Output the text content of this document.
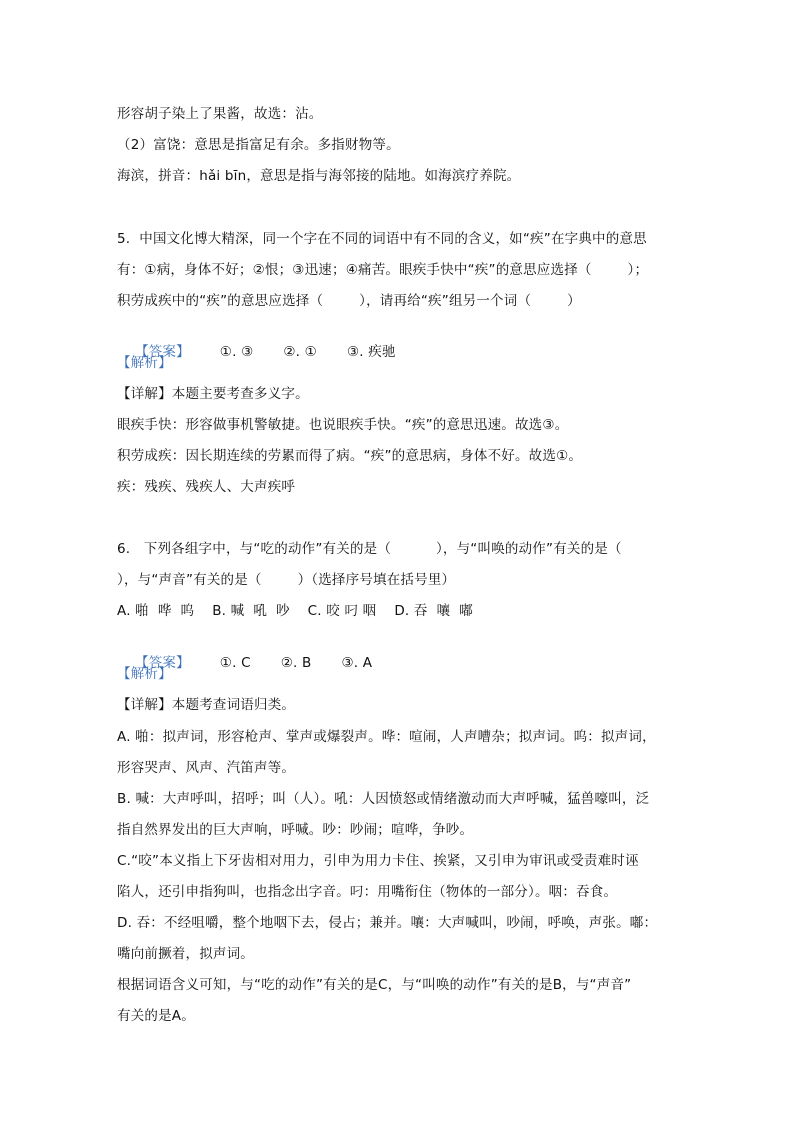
形容胡子染上了果酱，故选：沾。
（2）富饶：意思是指富足有余。多指财物等。
海滨，拼音：hǎi bīn，意思是指与海邻接的陆地。如海滨疗养院。
5.  中国文化博大精深，同一个字在不同的词语中有不同的含义，如“疾”在字典中的意思
有：①病，身体不好；②恨；③迅速；④痛苦。眼疾手快中“疾”的意思应选择（        ）；
积劳成疾中的“疾”的意思应选择（        ），请再给“疾”组另一个词（        ）

【答案】 ①. ③ ②. ① ③. 疾驰

【解析】
【详解】本题主要考查多义字。
眼疾手快：形容做事机警敏捷。也说眼疾手快。“疾”的意思迅速。故选③。
积劳成疾：因长期连续的劳累而得了病。“疾”的意思病，身体不好。故选①。
疾：残疾、残疾人、大声疾呼
6.   下列各组字中，与“吃的动作”有关的是（          ），与“叫唤的动作”有关的是（
），与“声音”有关的是（        ）（选择序号填在括号里）
A. 啪  哗  呜    B. 喊  吼  吵    C. 咬 叼 咽    D. 吞  嚷  嘟

【答案】 ①. C ②. B ③. A

【解析】
【详解】本题考查词语归类。
A. 啪：拟声词，形容枪声、掌声或爆裂声。哗：喧闹，人声嘈杂；拟声词。呜：拟声词，
形容哭声、风声、汽笛声等。
B. 喊：大声呼叫，招呼；叫（人）。吼：人因愤怒或情绪激动而大声呼喊，猛兽嚎叫，泛
指自然界发出的巨大声响，呼喊。吵：吵闹；喧哗，争吵。
C.“咬”本义指上下牙齿相对用力，引申为用力卡住、挨紧，又引申为审讯或受责难时诬
陷人，还引申指狗叫，也指念出字音。叼：用嘴衔住（物体的一部分）。咽：吞食。
D. 吞：不经咀嚼，整个地咽下去，侵占；兼并。嚷：大声喊叫，吵闹，呼唤，声张。嘟：
嘴向前撅着，拟声词。
根据词语含义可知，与“吃的动作”有关的是C，与“叫唤的动作”有关的是B，与“声音”
有关的是A。
